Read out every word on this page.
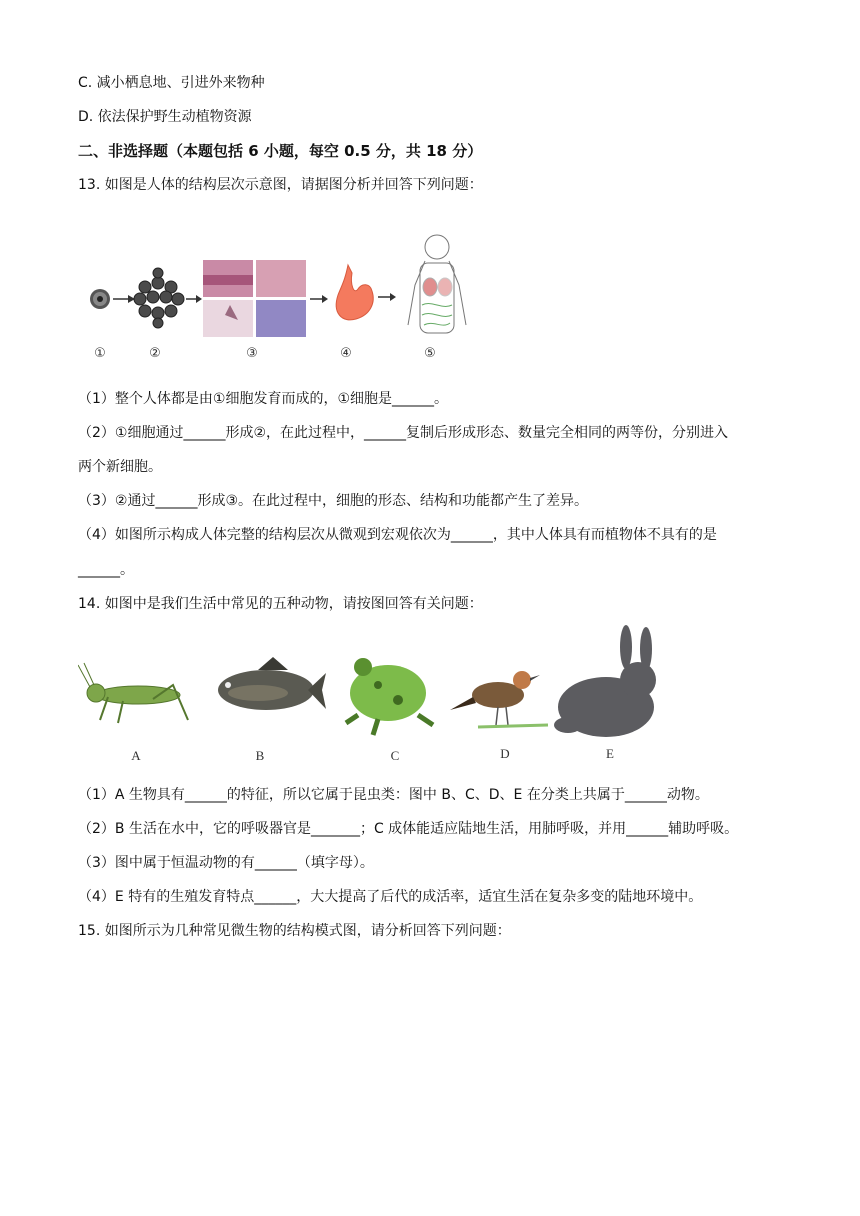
C. 减小栖息地、引进外来物种
D. 依法保护野生动植物资源
二、非选择题（本题包括 6 小题，每空 0.5 分，共 18 分）
13. 如图是人体的结构层次示意图，请据图分析并回答下列问题：
①	②	③	④	⑤
（1）整个人体都是由①细胞发育而成的，①细胞是______。
（2）①细胞通过______形成②，在此过程中，______复制后形成形态、数量完全相同的两等份，分别进入
两个新细胞。
（3）②通过______形成③。在此过程中，细胞的形态、结构和功能都产生了差异。
（4）如图所示构成人体完整的结构层次从微观到宏观依次为______，其中人体具有而植物体不具有的是
______。
14. 如图中是我们生活中常见的五种动物，请按图回答有关问题：
A	B	C	D	E
（1）A 生物具有______的特征，所以它属于昆虫类：图中 B、C、D、E 在分类上共属于______动物。
（2）B 生活在水中，它的呼吸器官是_______；C 成体能适应陆地生活，用肺呼吸，并用______辅助呼吸。
（3）图中属于恒温动物的有______（填字母）。
（4）E 特有的生殖发育特点______，大大提高了后代的成活率，适宜生活在复杂多变的陆地环境中。
15. 如图所示为几种常见微生物的结构模式图，请分析回答下列问题：
